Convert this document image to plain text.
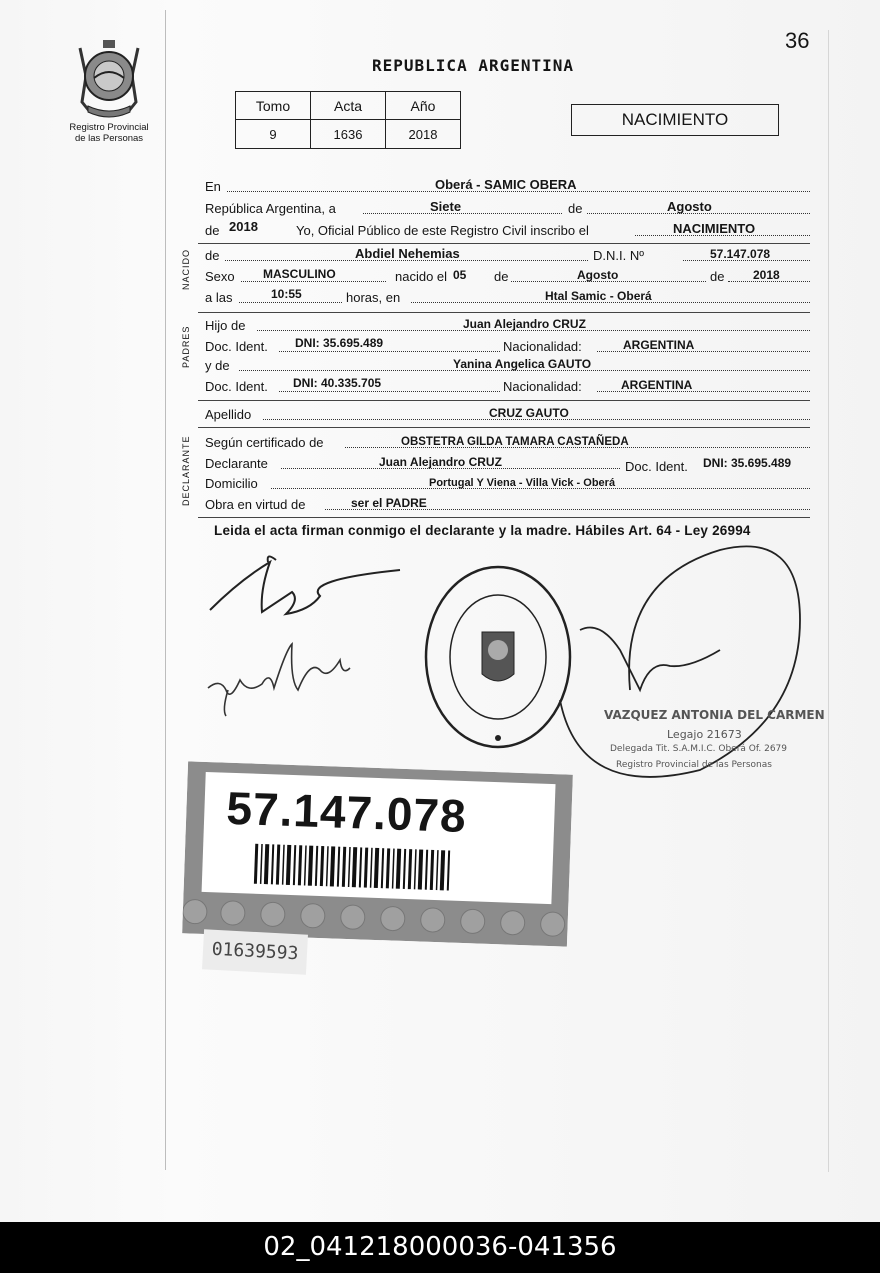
36
Registro Provincial
de las Personas
REPUBLICA ARGENTINA
Tomo	Acta	Año
9	1636	2018
NACIMIENTO
En	Oberá - SAMIC OBERA
República Argentina, a	Siete	de	Agosto
de 2018	Yo, Oficial Público de este Registro Civil inscribo el	NACIMIENTO
NACIDO de	Abdiel Nehemias	D.N.I. Nº	57.147.078
Sexo MASCULINO	nacido el 05 de	Agosto	de 2018
a las	10:55	horas, en	Htal Samic - Oberá
PADRES
Hijo de	Juan Alejandro CRUZ
Doc. Ident. DNI: 35.695.489	Nacionalidad:	ARGENTINA
y de	Yanina Angelica GAUTO
Doc. Ident. DNI: 40.335.705	Nacionalidad:	ARGENTINA
Apellido	CRUZ GAUTO
DECLARANTE Según certificado de	OBSTETRA GILDA TAMARA CASTAÑEDA
Declarante	Juan Alejandro CRUZ	Doc. Ident. DNI: 35.695.489
Domicilio	Portugal Y Viena - Villa Vick - Oberá
Obra en virtud de	ser el PADRE
Leida el acta firman conmigo el declarante y la madre. Hábiles Art. 64 - Ley 26994
VAZQUEZ ANTONIA DEL CARMEN
Legajo 21673
Delegada Tit. S.A.M.I.C. Oberá Of. 2679
Registro Provincial de las Personas
57.147.078
01639593
02_041218000036-041356
